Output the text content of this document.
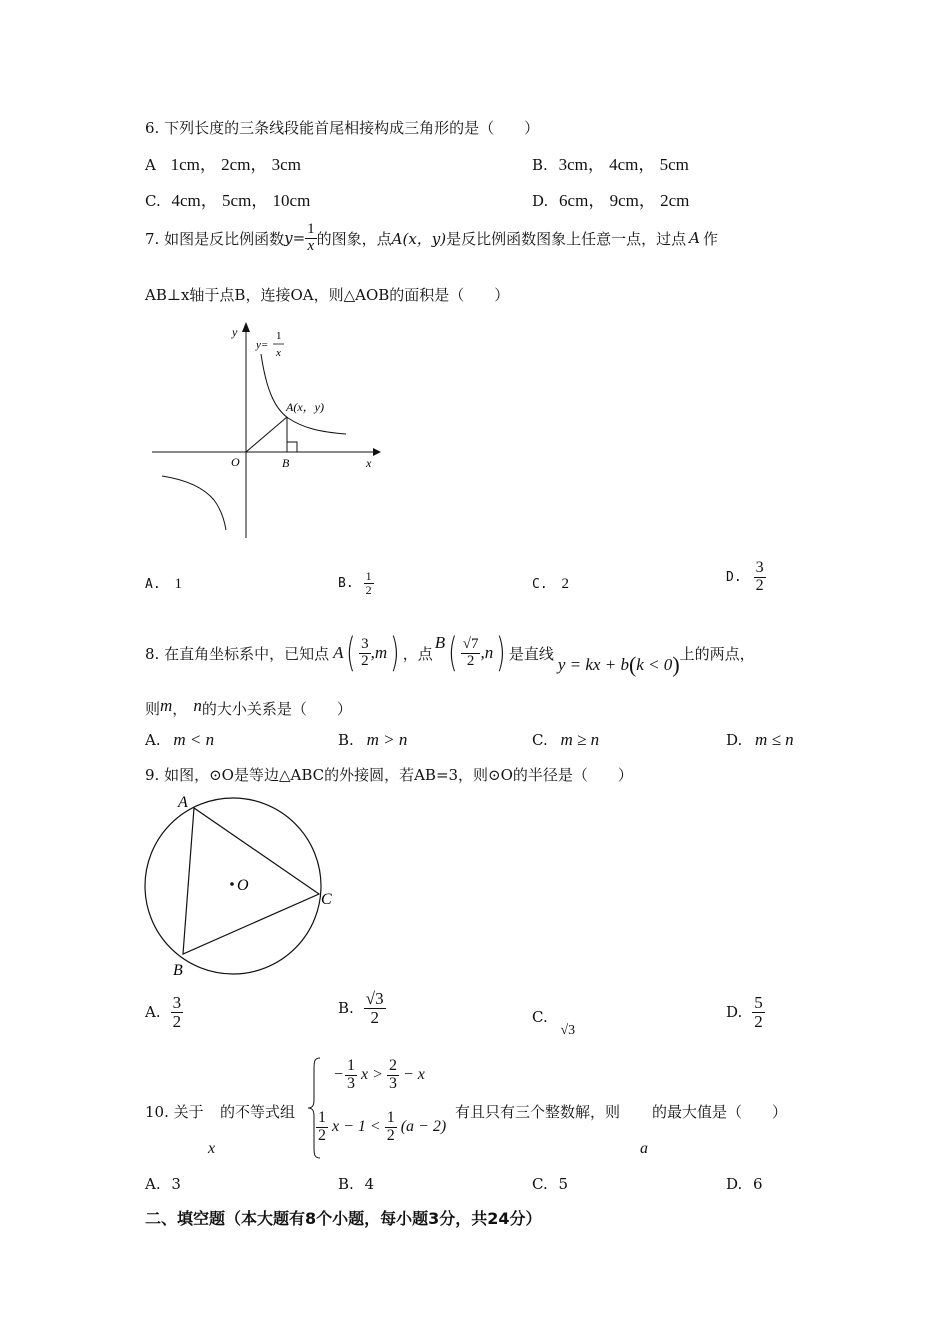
6. 下列长度的三条线段能首尾相接构成三角形的是（　　）
A 1cm， 2cm， 3cm	B. 3cm， 4cm， 5cm
C. 4cm， 5cm， 10cm	D. 6cm， 9cm， 2cm
7. 如图是反比例函数 $y= \frac{1}{x}$ 的图象，点 A(x，y) 是反比例函数图象上任意一点，过点 A 作
AB⊥x轴于点B，连接OA，则△AOB的面积是（　　）
y
x
O	B
y=
1
x
A(x，y)
A. 1	B. $\frac{1}{2}$	C. 2	D. $\frac{3}{2}$
8. 在直角坐标系中，已知点 A ( $\frac{3}{2}$ , m ) ，点
B ( $\frac{√7}{2}$ , n ) 是直线
y = kx + b ( k < 0 ) 上的两点，
则 m ， n 的大小关系是（　　）
A. m < n	B. m > n	C. m ≥ n	D. m ≤ n
9. 如图，⊙O是等边△ABC的外接圆，若AB=3，则⊙O的半径是（　　）
A
B
C
O
A. $\frac{3}{2}$	B. $\frac{√3}{2}$	C. √3
D. $\frac{5}{2}$
10. 关于
x
的不等式组
− $\frac{1}{3}$ $x > \frac{2}{3} - x$
$\frac{1}{2}$ $x - 1 < \frac{1}{2} (a - 2)$
有且只有三个整数解，则
a
的最大值是（　　）
A. 3	B. 4	C. 5	D. 6
二、填空题（本大题有8个小题，每小题3分，共24分）
